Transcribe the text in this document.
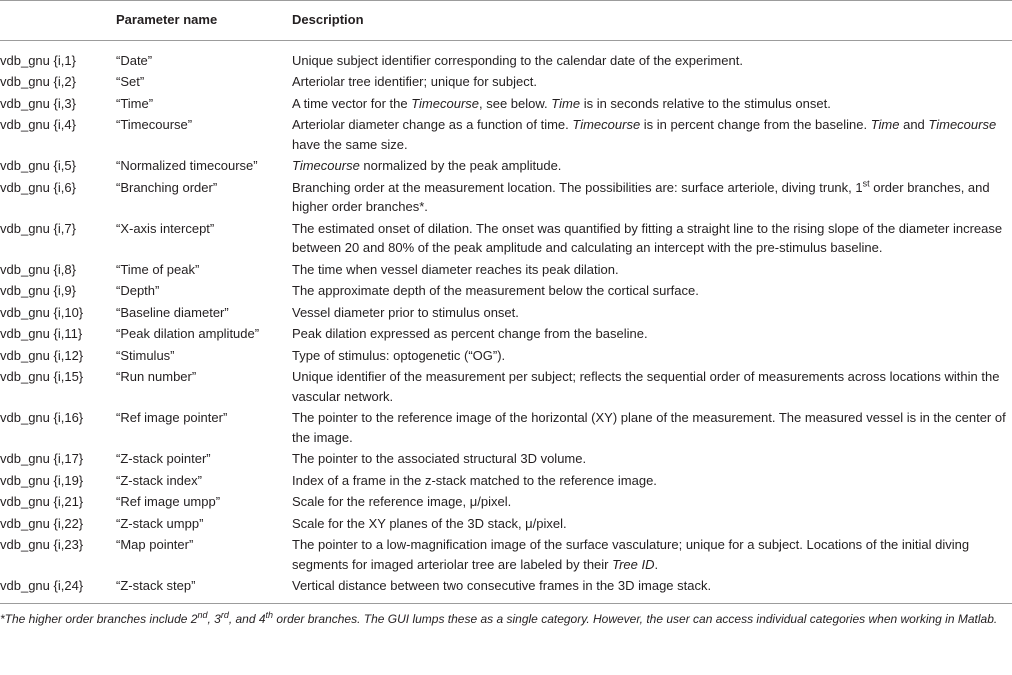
	Parameter name	Description
vdb_gnu {i,1}	“Date”	Unique subject identifier corresponding to the calendar date of the experiment.
vdb_gnu {i,2}	“Set”	Arteriolar tree identifier; unique for subject.
vdb_gnu {i,3}	“Time”	A time vector for the Timecourse, see below. Time is in seconds relative to the stimulus onset.
vdb_gnu {i,4}	“Timecourse”	Arteriolar diameter change as a function of time. Timecourse is in percent change from the baseline. Time and Timecourse have the same size.
vdb_gnu {i,5}	“Normalized timecourse”	Timecourse normalized by the peak amplitude.
vdb_gnu {i,6}	“Branching order”	Branching order at the measurement location. The possibilities are: surface arteriole, diving trunk, 1st order branches, and higher order branches*.
vdb_gnu {i,7}	“X-axis intercept”	The estimated onset of dilation. The onset was quantified by fitting a straight line to the rising slope of the diameter increase between 20 and 80% of the peak amplitude and calculating an intercept with the pre-stimulus baseline.
vdb_gnu {i,8}	“Time of peak”	The time when vessel diameter reaches its peak dilation.
vdb_gnu {i,9}	“Depth”	The approximate depth of the measurement below the cortical surface.
vdb_gnu {i,10}	“Baseline diameter”	Vessel diameter prior to stimulus onset.
vdb_gnu {i,11}	“Peak dilation amplitude”	Peak dilation expressed as percent change from the baseline.
vdb_gnu {i,12}	“Stimulus”	Type of stimulus: optogenetic (“OG”).
vdb_gnu {i,15}	“Run number”	Unique identifier of the measurement per subject; reflects the sequential order of measurements across locations within the vascular network.
vdb_gnu {i,16}	“Ref image pointer”	The pointer to the reference image of the horizontal (XY) plane of the measurement. The measured vessel is in the center of the image.
vdb_gnu {i,17}	“Z-stack pointer”	The pointer to the associated structural 3D volume.
vdb_gnu {i,19}	“Z-stack index”	Index of a frame in the z-stack matched to the reference image.
vdb_gnu {i,21}	“Ref image umpp”	Scale for the reference image, μ/pixel.
vdb_gnu {i,22}	“Z-stack umpp”	Scale for the XY planes of the 3D stack, μ/pixel.
vdb_gnu {i,23}	“Map pointer”	The pointer to a low-magnification image of the surface vasculature; unique for a subject. Locations of the initial diving segments for imaged arteriolar tree are labeled by their Tree ID.
vdb_gnu {i,24}	“Z-stack step”	Vertical distance between two consecutive frames in the 3D image stack.
*The higher order branches include 2nd, 3rd, and 4th order branches. The GUI lumps these as a single category. However, the user can access individual categories when working in Matlab.
